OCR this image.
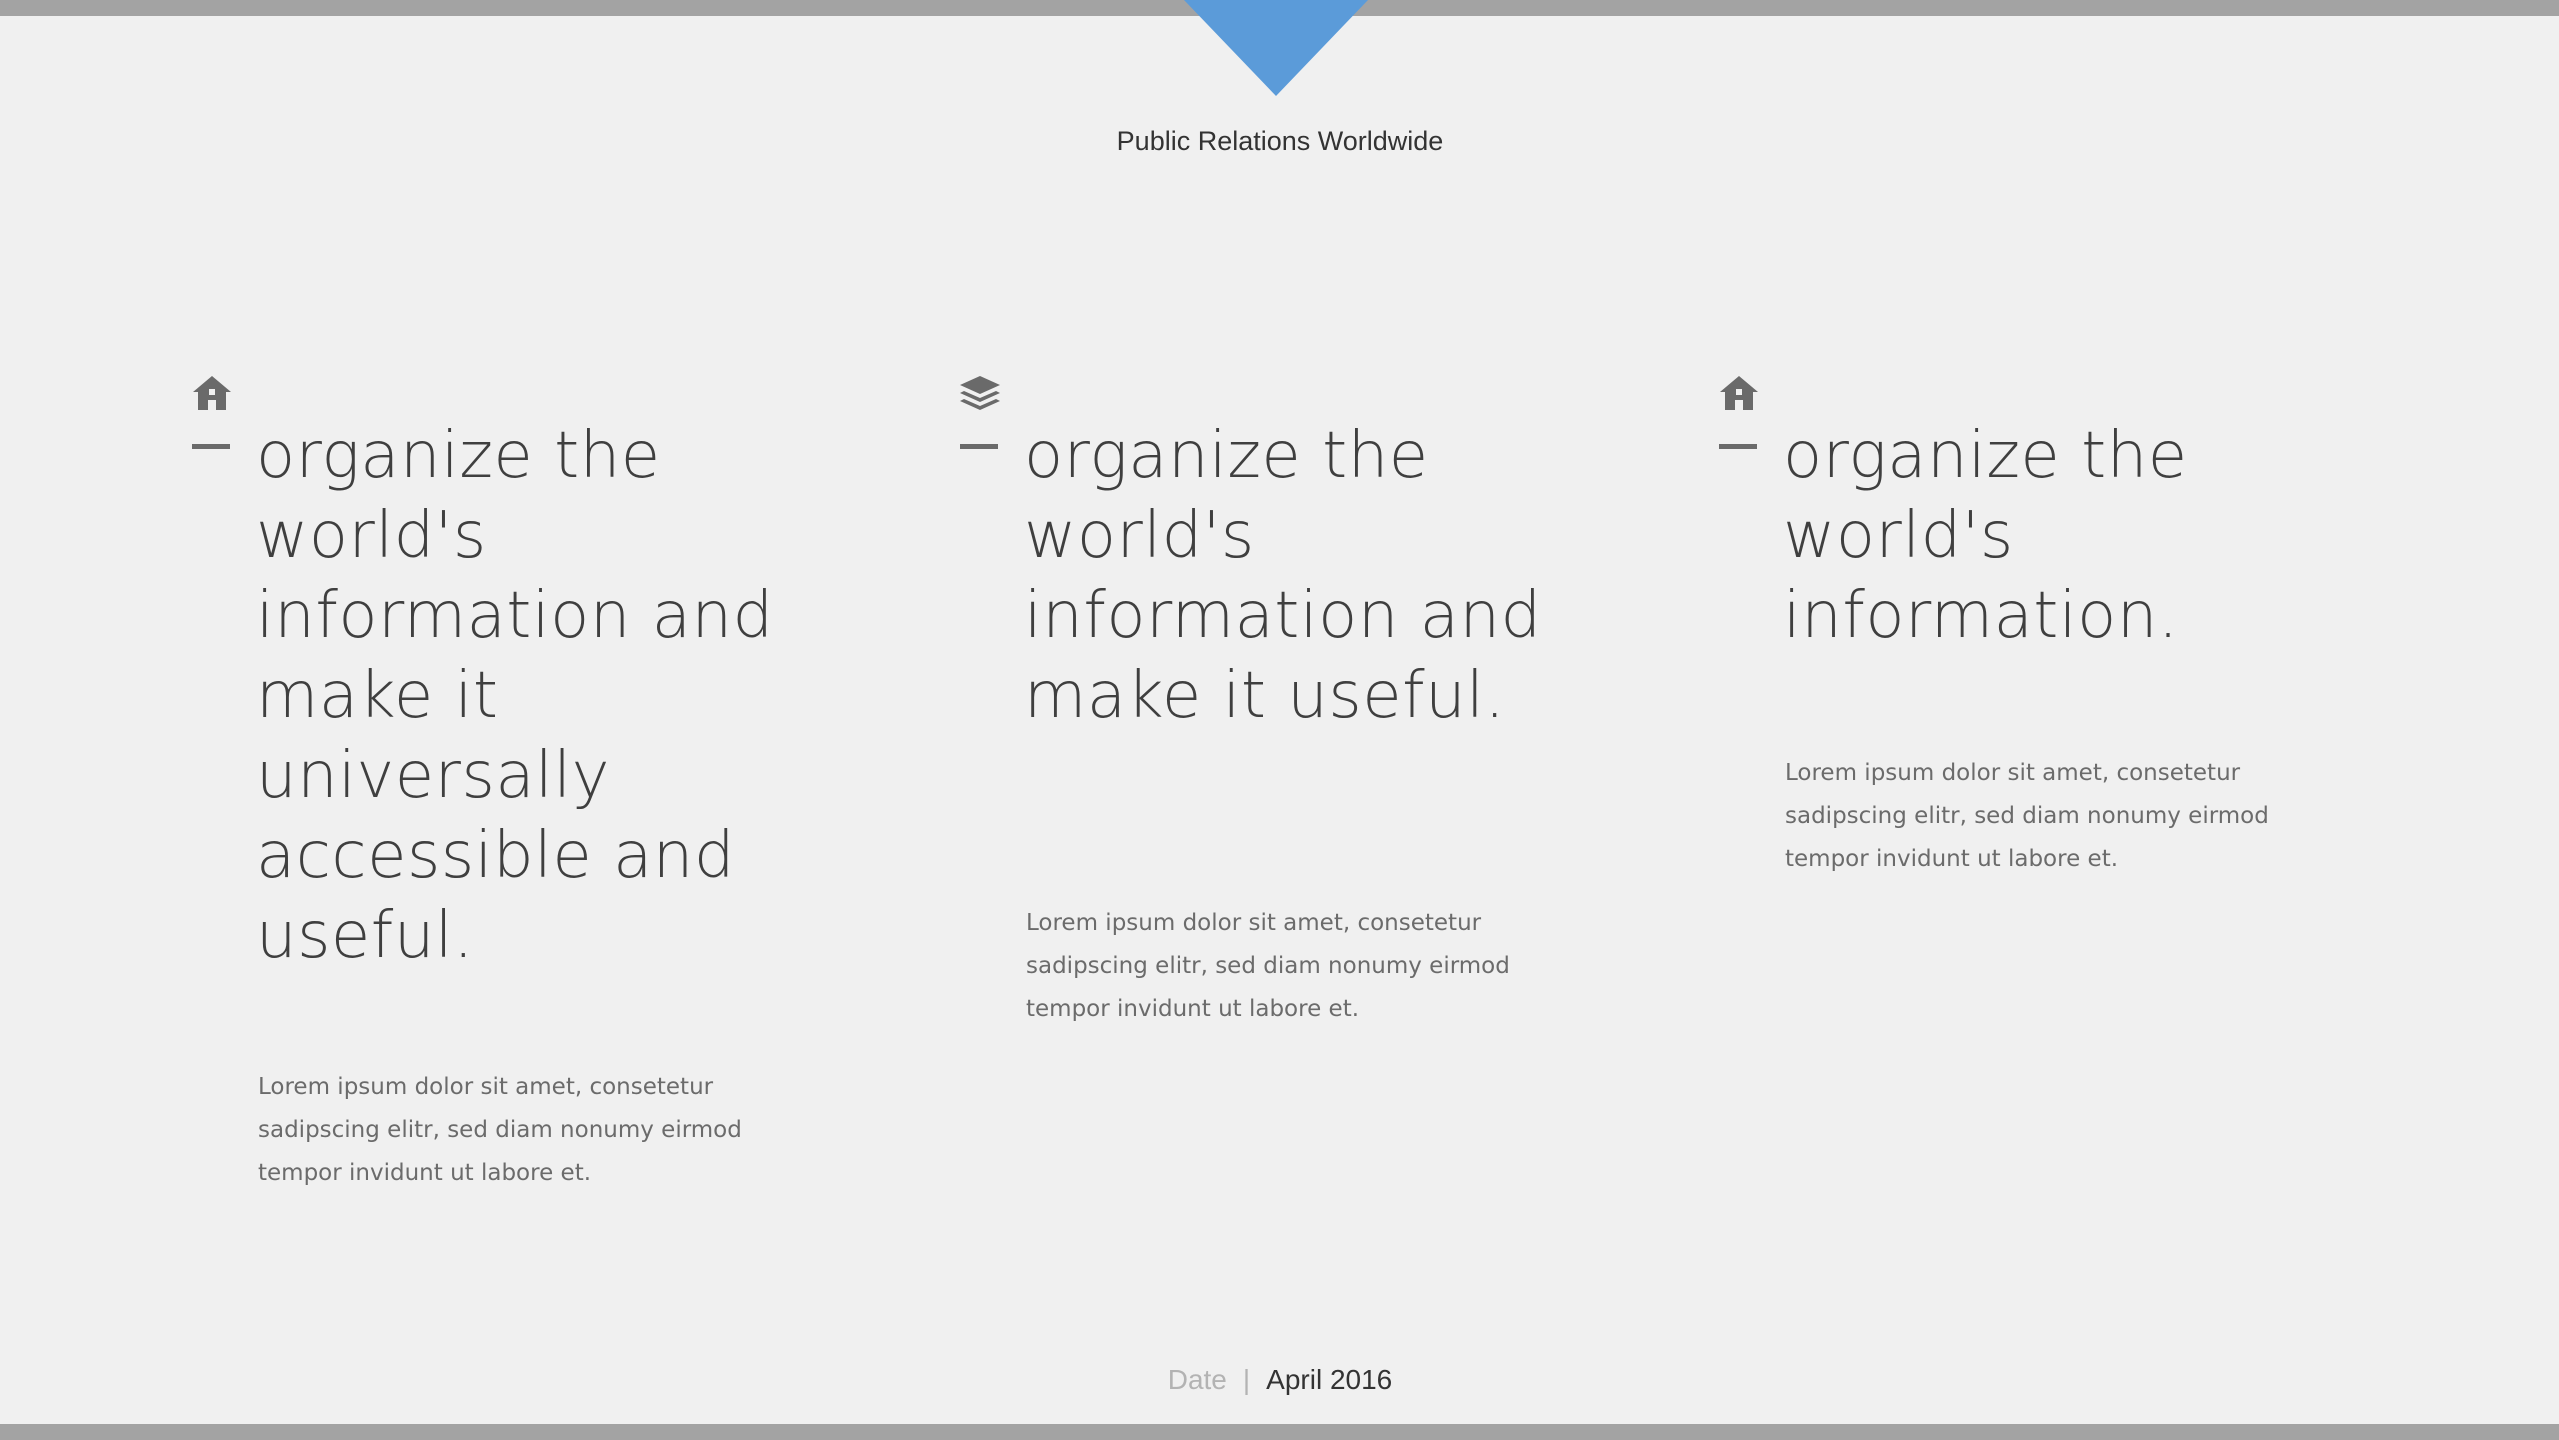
Public Relations Worldwide
organize the world's information and make it universally accessible and useful.

Lorem ipsum dolor sit amet, consetetur sadipscing elitr, sed diam nonumy eirmod tempor invidunt ut labore et.

organize the world's information and make it useful.

Lorem ipsum dolor sit amet, consetetur sadipscing elitr, sed diam nonumy eirmod tempor invidunt ut labore et.

organize the world's information.

Lorem ipsum dolor sit amet, consetetur sadipscing elitr, sed diam nonumy eirmod tempor invidunt ut labore et.

Date | April 2016
